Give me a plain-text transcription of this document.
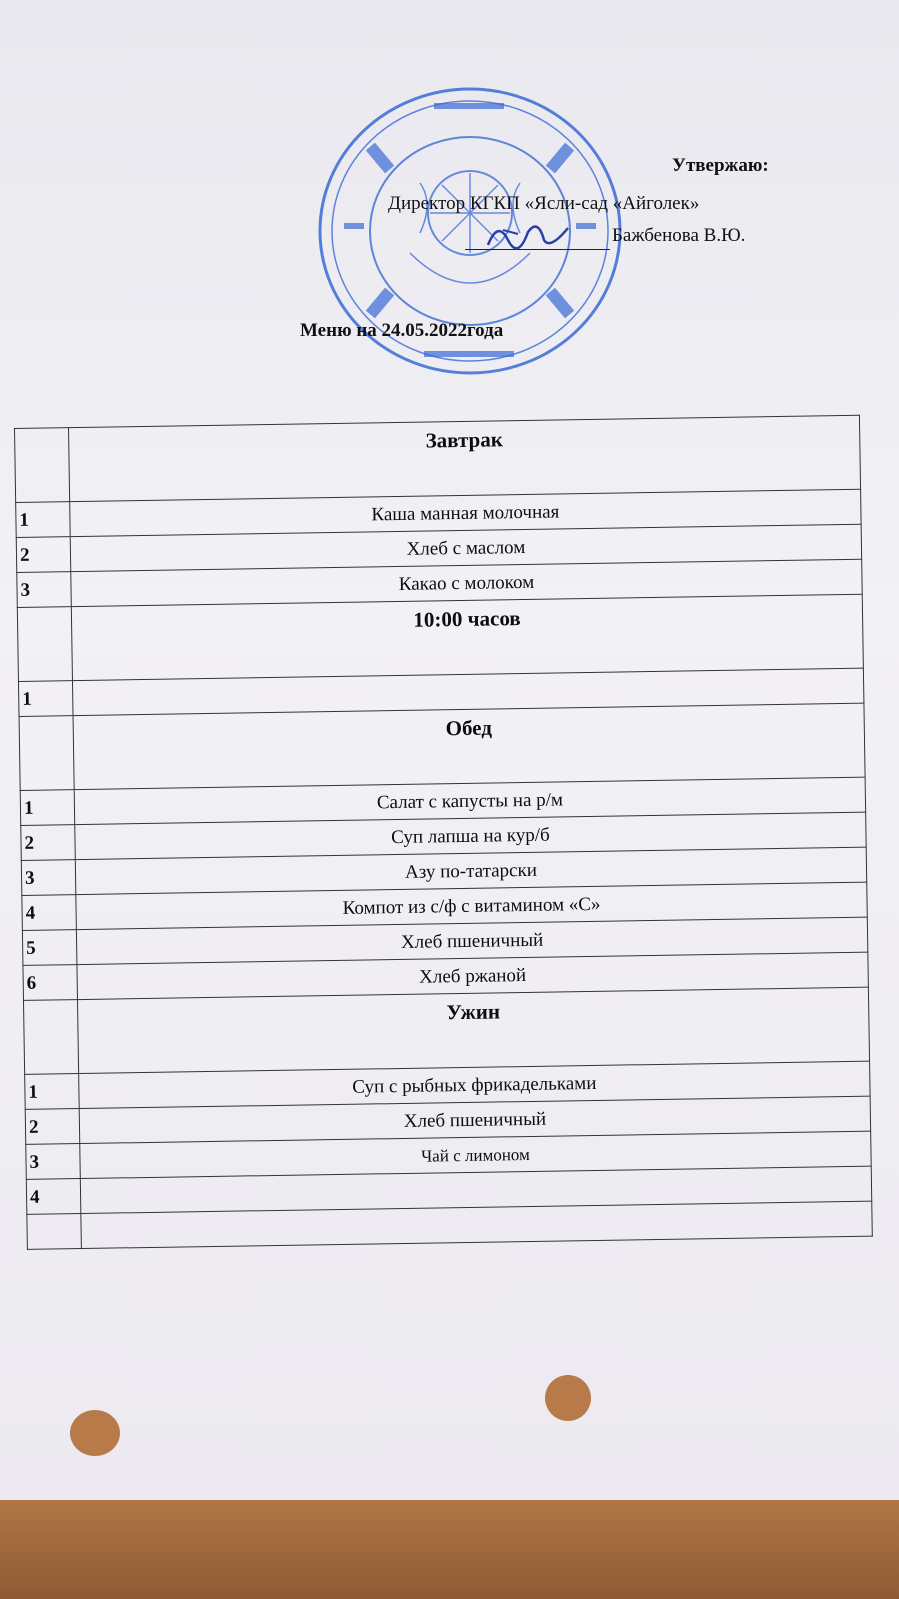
Утвержаю:
Директор КГКП «Ясли-сад «Айголек»
Бажбенова В.Ю.
Меню на 24.05.2022года
	Завтрак
1	Каша манная молочная
2	Хлеб с маслом
3	Какао с молоком
	10:00 часов
1	
	Обед
1	Салат с капусты на р/м
2	Суп лапша на кур/б
3	Азу по-татарски
4	Компот из с/ф с витамином «С»
5	Хлеб пшеничный
6	Хлеб ржаной
	Ужин
1	Суп с рыбных фрикадельками
2	Хлеб пшеничный
3	Чай с лимоном
4	
